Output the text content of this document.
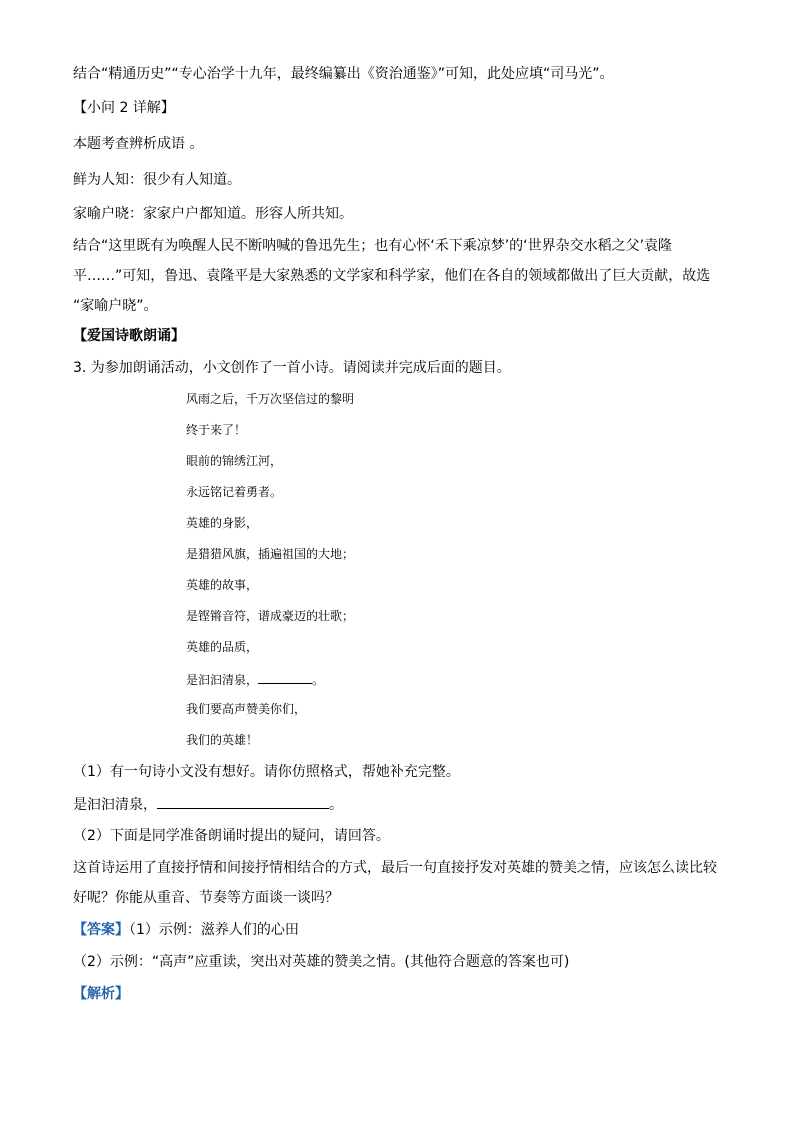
结合“精通历史”“专心治学十九年，最终编纂出《资治通鉴》”可知，此处应填“司马光”。
【小问 2 详解】
本题考查辨析成语 。
鲜为人知：很少有人知道。
家喻户晓：家家户户都知道。形容人所共知。
结合“这里既有为唤醒人民不断呐喊的鲁迅先生；也有心怀‘禾下乘凉梦’的‘世界杂交水稻之父’袁隆
平……”可知，鲁迅、袁隆平是大家熟悉的文学家和科学家，他们在各自的领域都做出了巨大贡献，故选
“家喻户晓”。
【爱国诗歌朗诵】
3. 为参加朗诵活动，小文创作了一首小诗。请阅读并完成后面的题目。
风雨之后，千万次坚信过的黎明
终于来了！
眼前的锦绣江河，
永远铭记着勇者。
英雄的身影，
是猎猎风旗，插遍祖国的大地；
英雄的故事，
是铿锵音符，谱成豪迈的壮歌；
英雄的品质，
是汩汩清泉，	。
我们要高声赞美你们，
我们的英雄！
（1）有一句诗小文没有想好。请你仿照格式，帮她补充完整。
是汩汩清泉，	。
（2）下面是同学准备朗诵时提出的疑问，请回答。
这首诗运用了直接抒情和间接抒情相结合的方式，最后一句直接抒发对英雄的赞美之情，应该怎么读比较
好呢？你能从重音、节奏等方面谈一谈吗？
【答案】（1）示例：滋养人们的心田
（2）示例：“高声”应重读，突出对英雄的赞美之情。(其他符合题意的答案也可)
【解析】
